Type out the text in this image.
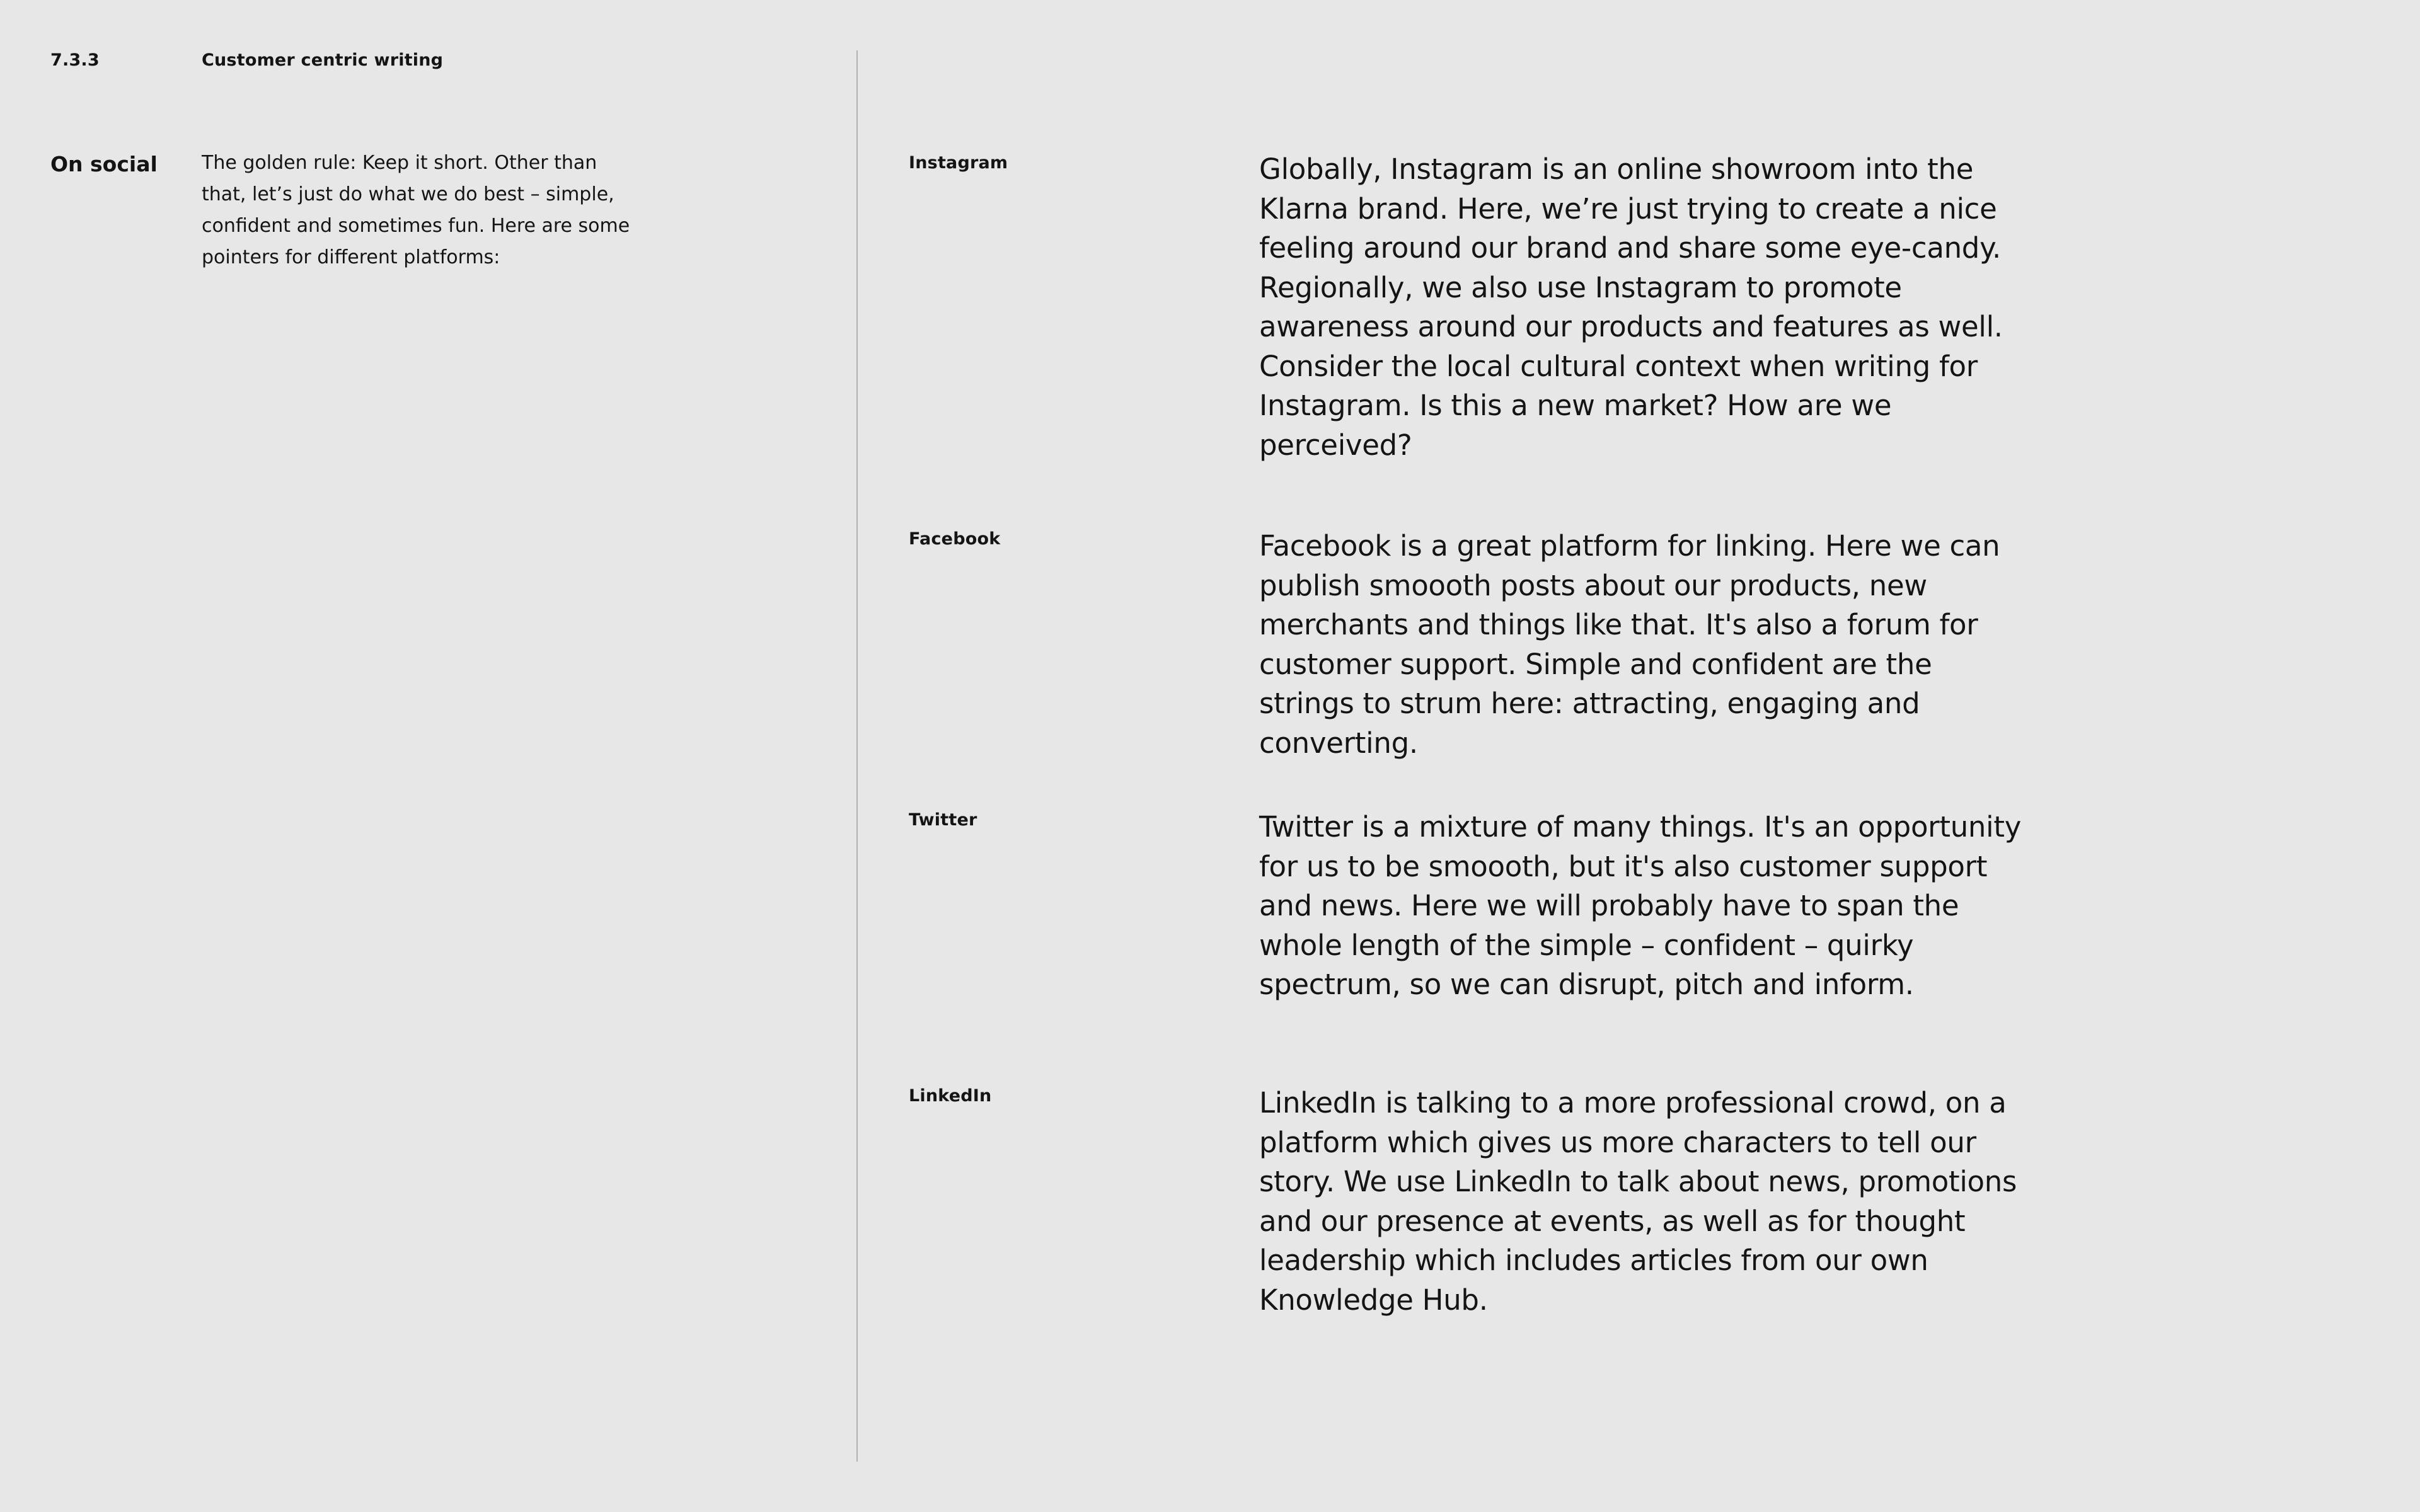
7.3.3	Customer centric writing
On social The golden rule: Keep it short. Other than that, let’s just do what we do best – simple, confident and sometimes fun. Here are some pointers for different platforms:
Instagram	Globally, Instagram is an online showroom into the Klarna brand. Here, we’re just trying to create a nice feeling around our brand and share some eye-candy. Regionally, we also use Instagram to promote awareness around our products and features as well.

Consider the local cultural context when writing for Instagram. Is this a new market? How are we perceived?

Facebook	Facebook is a great platform for linking. Here we can publish smoooth posts about our products, new merchants and things like that. It's also a forum for customer support. Simple and confident are the strings to strum here: attracting, engaging and converting.

Twitter	Twitter is a mixture of many things. It's an opportunity for us to be smoooth, but it's also customer support and news. Here we will probably have to span the whole length of the simple – confident – quirky spectrum, so we can disrupt, pitch and inform.

LinkedIn	LinkedIn is talking to a more professional crowd, on a platform which gives us more characters to tell our story. We use LinkedIn to talk about news, promotions and our presence at events, as well as for thought leadership which includes articles from our own Knowledge Hub.
